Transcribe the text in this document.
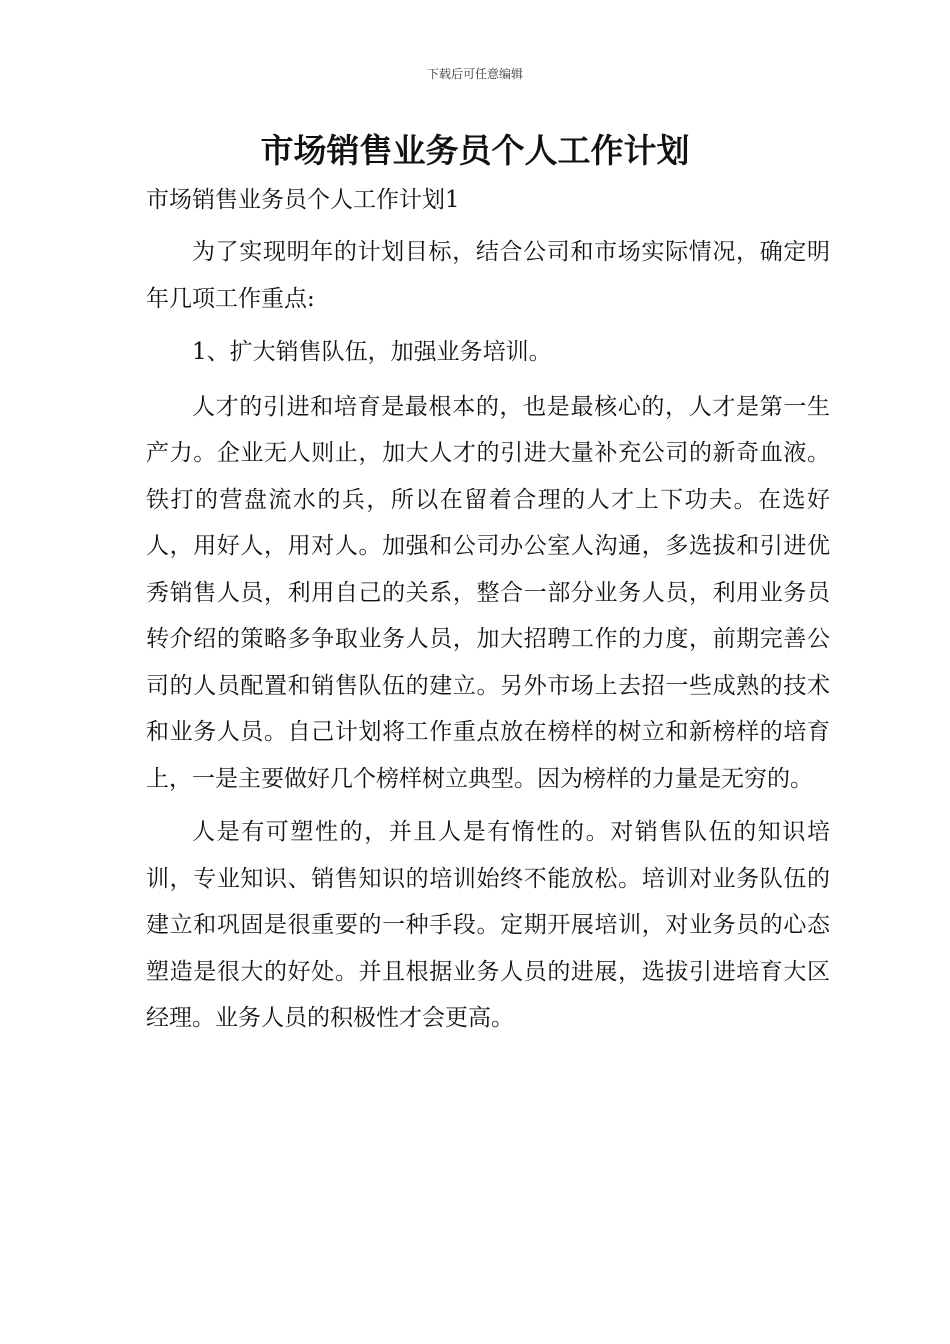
下载后可任意编辑
市场销售业务员个人工作计划
市场销售业务员个人工作计划1

为了实现明年的计划目标，结合公司和市场实际情况，确定明年几项工作重点:

1、扩大销售队伍，加强业务培训。

人才的引进和培育是最根本的，也是最核心的，人才是第一生产力。企业无人则止，加大人才的引进大量补充公司的新奇血液。 铁打的营盘流水的兵，所以在留着合理的人才上下功夫。在选好人，用好人，用对人。加强和公司办公室人沟通，多选拔和引进优秀销售人员，利用自己的关系，整合一部分业务人员，利用业务员转介绍的策略多争取业务人员，加大招聘工作的力度，前期完善公司的人员配置和销售队伍的建立。另外市场上去招一些成熟的技术和业务人员。自己计划将工作重点放在榜样的树立和新榜样的培育上，一是主要做好几个榜样树立典型。因为榜样的力量是无穷的。

人是有可塑性的，并且人是有惰性的。对销售队伍的知识培训，专业知识、销售知识的培训始终不能放松。培训对业务队伍的建立和巩固是很重要的一种手段。定期开展培训，对业务员的心态塑造是很大的好处。并且根据业务人员的进展，选拔引进培育大区经理。业务人员的积极性才会更高。
